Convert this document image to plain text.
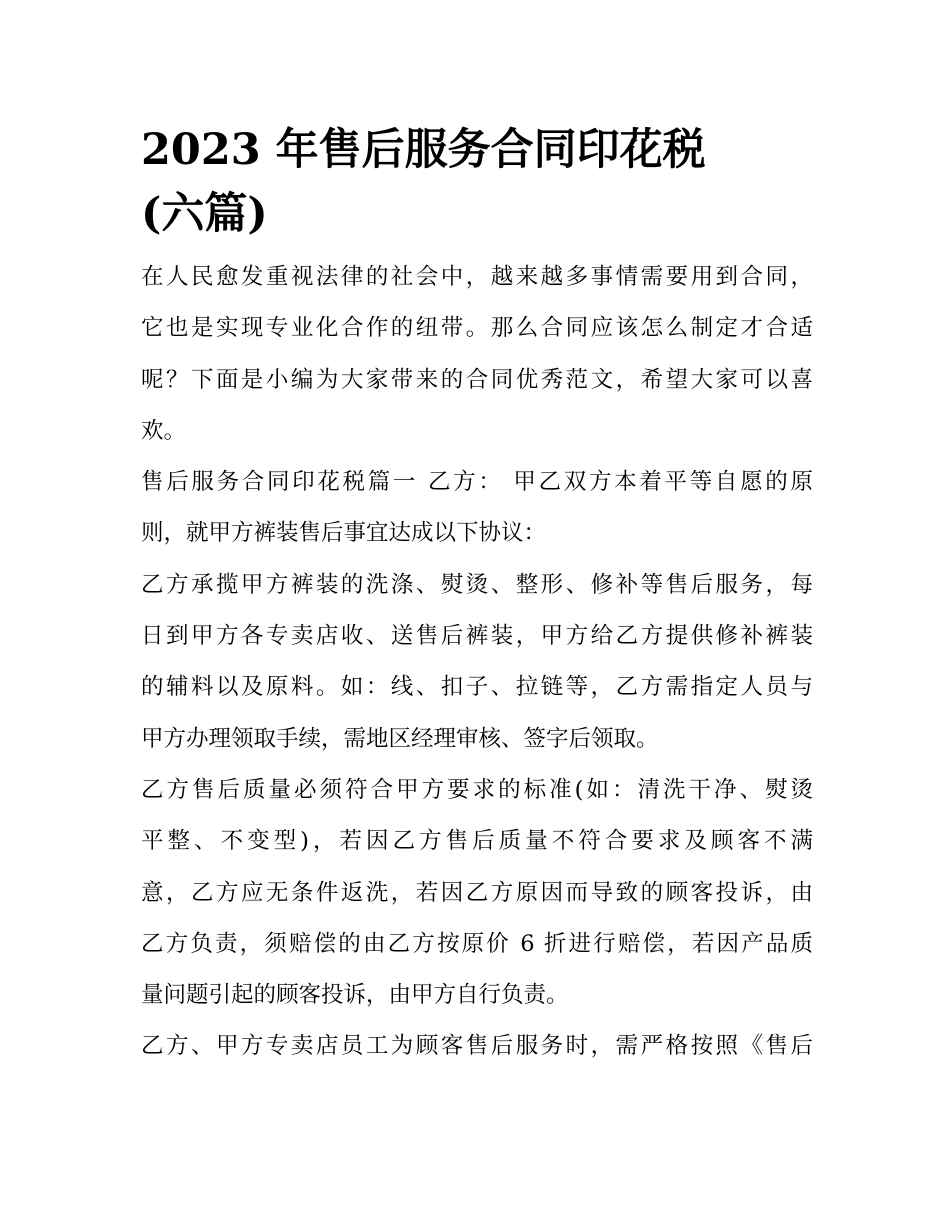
2023 年售后服务合同印花税
(六篇)

在人民愈发重视法律的社会中，越来越多事情需要用到合同，
它也是实现专业化合作的纽带。那么合同应该怎么制定才合适
呢？下面是小编为大家带来的合同优秀范文，希望大家可以喜
欢。

售后服务合同印花税篇一 乙方： 甲乙双方本着平等自愿的原
则，就甲方裤装售后事宜达成以下协议：

乙方承揽甲方裤装的洗涤、熨烫、整形、修补等售后服务，每
日到甲方各专卖店收、送售后裤装，甲方给乙方提供修补裤装
的辅料以及原料。如：线、扣子、拉链等，乙方需指定人员与
甲方办理领取手续，需地区经理审核、签字后领取。

乙方售后质量必须符合甲方要求的标准(如：清洗干净、熨烫
平整、不变型)，若因乙方售后质量不符合要求及顾客不满
意，乙方应无条件返洗，若因乙方原因而导致的顾客投诉，由
乙方负责，须赔偿的由乙方按原价 6 折进行赔偿，若因产品质
量问题引起的顾客投诉，由甲方自行负责。

乙方、甲方专卖店员工为顾客售后服务时，需严格按照《售后
